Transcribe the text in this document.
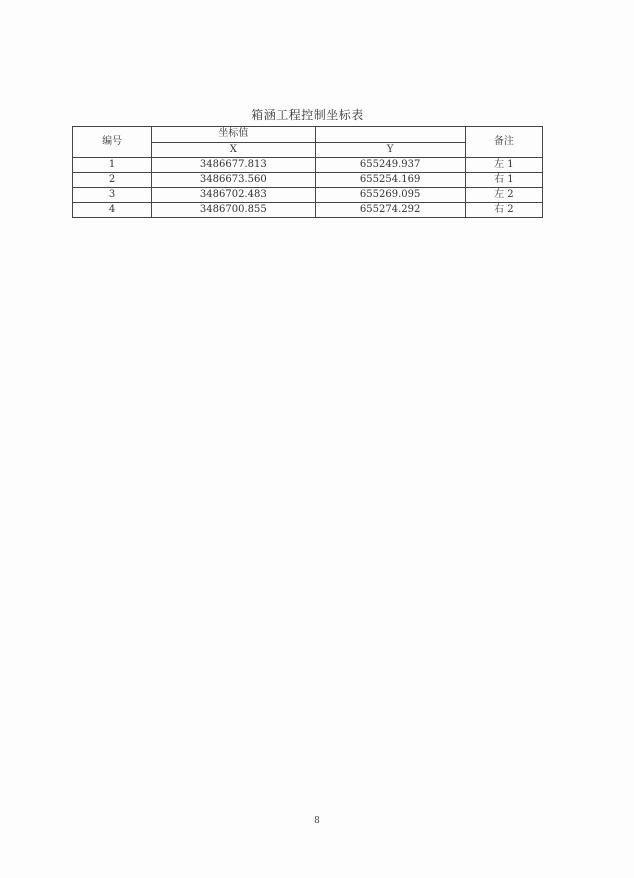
箱涵工程控制坐标表
编号	坐标值		备注
	X	Y	
1	3486677.813	655249.937	左 1
2	3486673.560	655254.169	右 1
3	3486702.483	655269.095	左 2
4	3486700.855	655274.292	右 2
8
